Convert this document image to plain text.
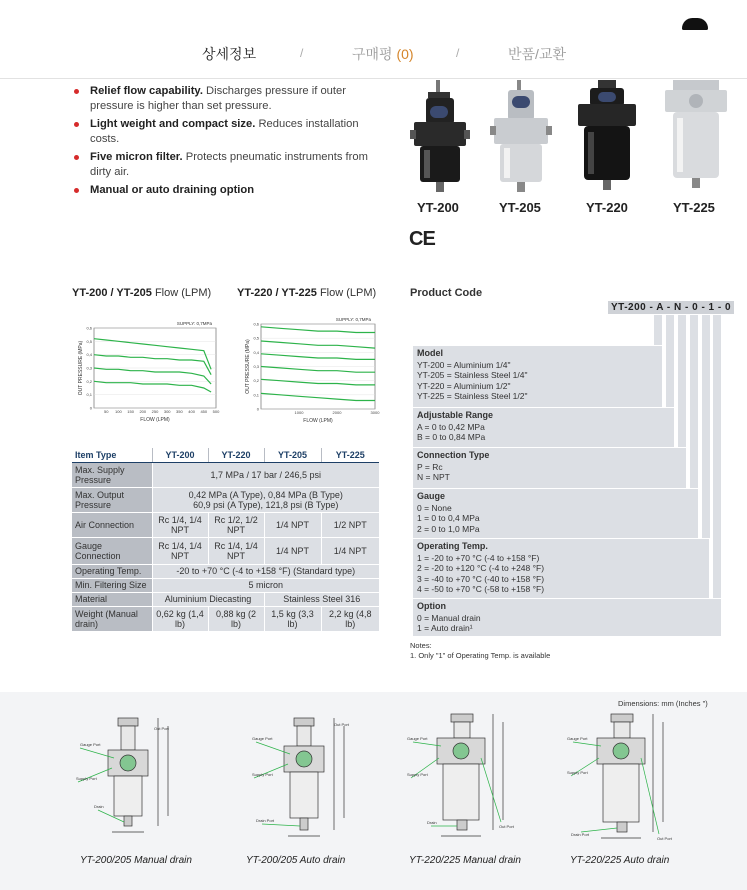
상세정보	/	구매평 (0)	/	반품/교환
Relief flow capability. Discharges pressure if outer pressure is higher than set pressure.
Light weight and compact size. Reduces installation costs.
Five micron filter. Protects pneumatic instruments from dirty air.
Manual or auto draining option
YT-200	YT-205	YT-220	YT-225
CE
YT-200 / YT-205 Flow (LPM) YT-220 / YT-225 Flow (LPM)
0
0,1
0,2
0,3
0,4
0,5
0,6
50 100 150 200 250 300 350 400 450 500
FLOW (LPM)
OUT PRESSURE (MPa)
SUPPLY: 0,7MPa
0
0,1
0,2
0,3
0,4
0,5
0,6
1000	2000	3000
FLOW (LPM)
OUT PRESSURE (MPa)
SUPPLY: 0,7MPa
Item Type	YT-200	YT-220	YT-205	YT-225
Max. Supply Pressure	1,7 MPa / 17 bar / 246,5 psi			
Max. Output Pressure	0,42 MPa (A Type), 0,84 MPa (B Type)
60,9 psi (A Type), 121,8 psi (B Type)			
Air Connection	Rc 1/4, 1/4 NPT	Rc 1/2, 1/2 NPT	1/4 NPT	1/2 NPT
Gauge Connection	Rc 1/4, 1/4 NPT	Rc 1/4, 1/4 NPT	1/4 NPT	1/4 NPT
Operating Temp.	-20 to +70 °C (-4 to +158 °F) (Standard type)			
Min. Filtering Size	5 micron			
Material	Aluminium Diecasting		Stainless Steel 316	
Weight (Manual drain)	0,62 kg (1,4 lb)	0,88 kg (2 lb)	1,5 kg (3,3 lb)	2,2 kg (4,8 lb)
Product Code
YT-200 - A - N - 0 - 1 - 0
Model
YT-200 = Aluminium 1/4"
YT-205 = Stainless Steel 1/4"
YT-220 = Aluminium 1/2"
YT-225 = Stainless Steel 1/2"
Adjustable Range
A = 0 to 0,42 MPa
B = 0 to 0,84 MPa
Connection Type
P = Rc
N = NPT
Gauge
0 = None
1 = 0 to 0,4 MPa
2 = 0 to 1,0 MPa
Operating Temp.
1 = -20 to +70 °C (-4 to +158 °F)
2 = -20 to +120 °C (-4 to +248 °F)
3 = -40 to +70 °C (-40 to +158 °F)
4 = -50 to +70 °C (-58 to +158 °F)
Option
0 = Manual drain
1 = Auto drain¹
Notes:
1. Only "1" of Operating Temp. is available
Dimensions: mm (Inches ")
Gauge Port
Supply Port
Drain
Out Port
Gauge Port
Supply Port
Drain Port
Out Port
Gauge Port
Supply Port
Drain
Out Port
Gauge Port
Supply Port
Drain Port
Out Port
YT-200/205 Manual drain	YT-200/205 Auto drain	YT-220/225 Manual drain	YT-220/225 Auto drain
